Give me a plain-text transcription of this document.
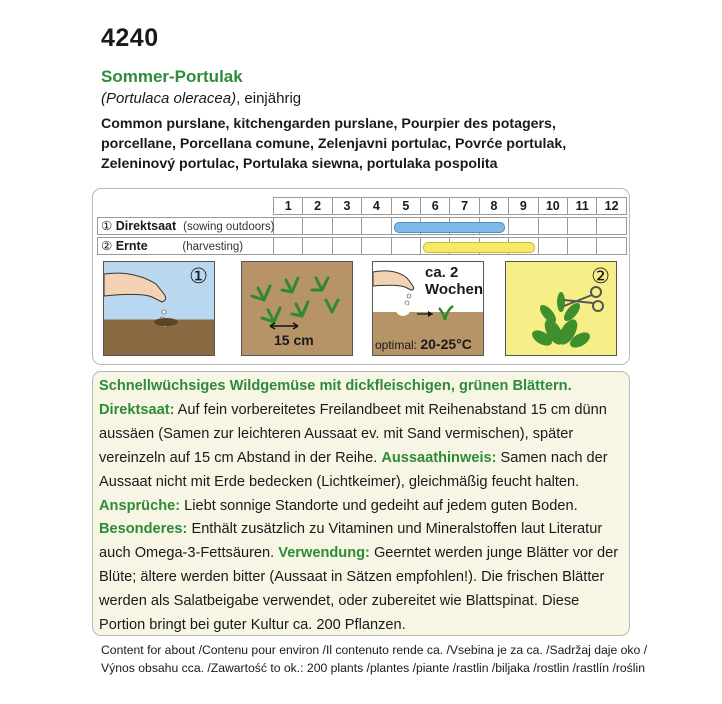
4240
Sommer-Portulak
(Portulaca oleracea), einjährig
Common purslane, kitchengarden purslane, Pourpier des potagers,
porcellane, Porcellana comune, Zelenjavni portulac, Povrće portulak,
Zeleninový portulac, Portulaka siewna, portulaka pospolita
1	2	3	4	5	6	7	8	9	10	11	12
① Direktsaat (sowing outdoors)
② Ernte	(harvesting)
①
15 cm
ca. 2
Wochen
optimal: 20-25°C
②
Schnellwüchsiges Wildgemüse mit dickfleischigen, grünen Blättern.
Direktsaat: Auf fein vorbereitetes Freilandbeet mit Reihenabstand 15 cm dünn aussäen (Samen zur leichteren Aussaat ev. mit Sand vermischen), später vereinzeln auf 15 cm Abstand in der Reihe. Aussaathinweis: Samen nach der Aussaat nicht mit Erde bedecken (Lichtkeimer), gleichmäßig feucht halten.
Ansprüche: Liebt sonnige Standorte und gedeiht auf jedem guten Boden.
Besonderes: Enthält zusätzlich zu Vitaminen und Mineralstoffen laut Literatur auch Omega-3-Fettsäuren. Verwendung: Geerntet werden junge Blätter vor der Blüte; ältere werden bitter (Aussaat in Sätzen empfohlen!). Die frischen Blätter werden als Salatbeigabe verwendet, oder zubereitet wie Blattspinat. Diese Portion bringt bei guter Kultur ca. 200 Pflanzen.
Content for about /Contenu pour environ /Il contenuto rende ca. /Vsebina je za ca. /Sadržaj daje oko /
Výnos obsahu cca. /Zawartość to ok.: 200 plants /plantes /piante /rastlin /biljaka /rostlin /rastlín /roślin
